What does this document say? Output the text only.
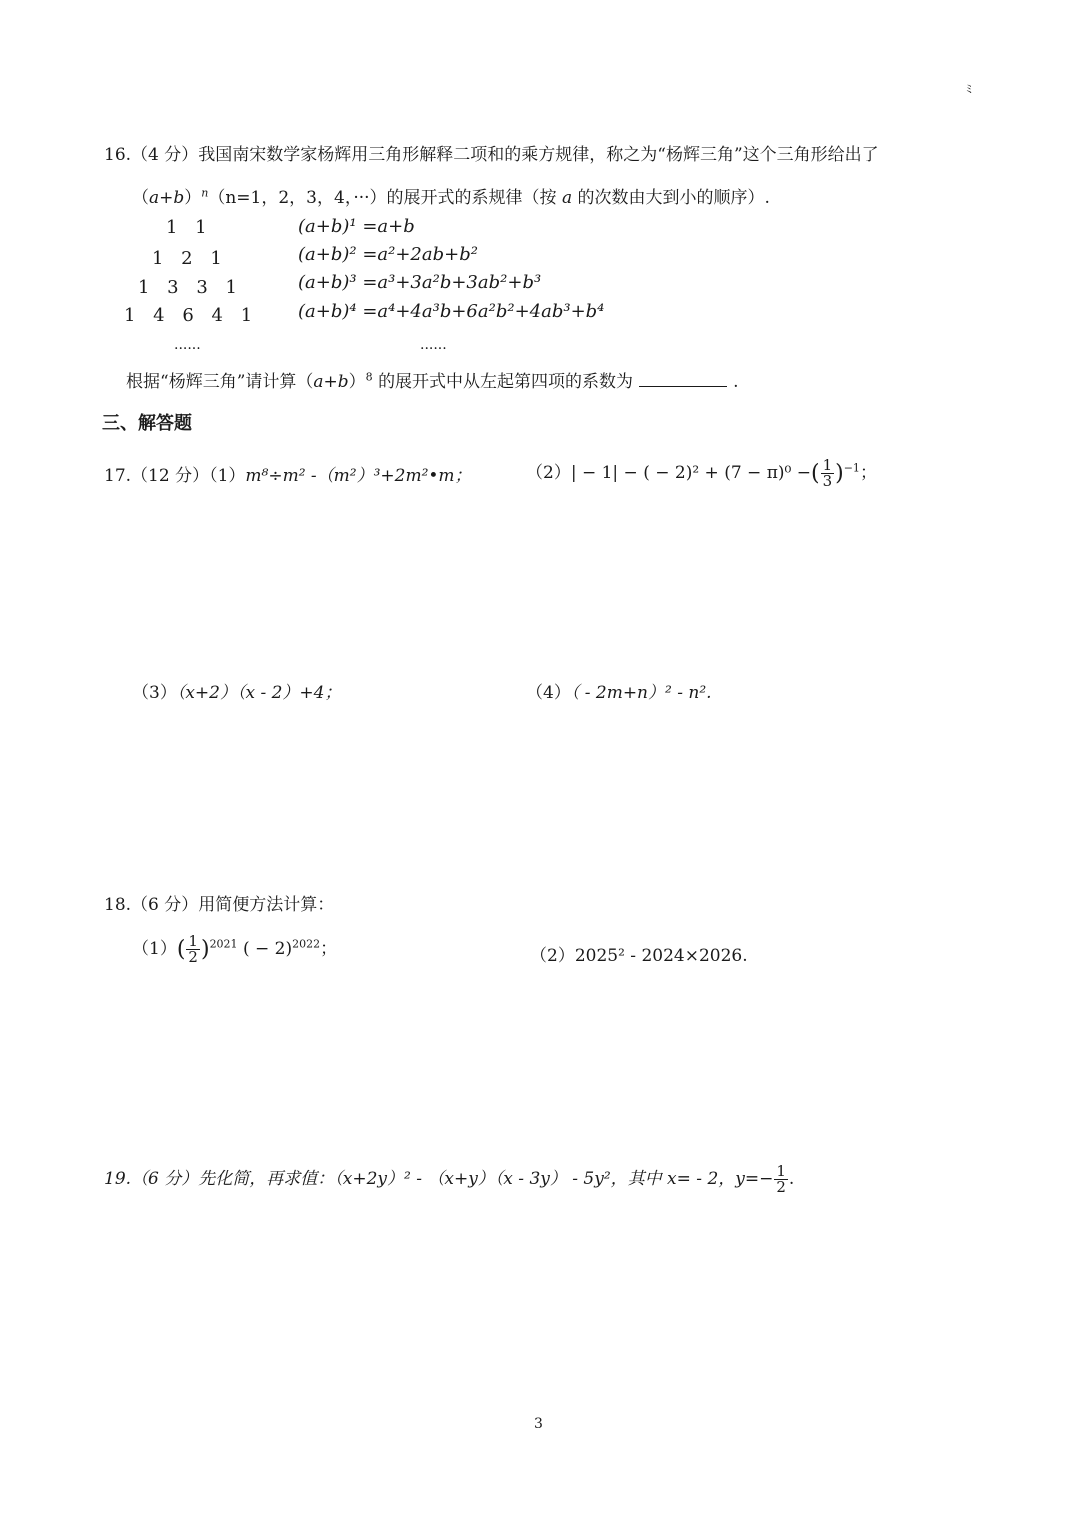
ﾐ
16.（4 分）我国南宋数学家杨辉用三角形解释二项和的乘方规律，称之为“杨辉三角”这个三角形给出了
$(a+b)^n(n=1$，2，3，4，···）的展开式的系规律（按 a 的次数由大到小的顺序）.
1 1
1 2 1
1 3 3 1
1 4 6 4 1
......
(a+b)¹ =a+b
(a+b)² =a²+2ab+b²
(a+b)³ =a³+3a²b+3ab²+b³
(a+b)⁴ =a⁴+4a³b+6a²b²+4ab³+b⁴
......
根据“杨辉三角”请计算$(a+b)^8$ 的展开式中从左起第四项的系数为	.
三、解答题
17.（12 分）（1）m⁸÷m² -（m²）³+2m²•m；	（2）| − 1| − ( − 2)² + (7 − π)⁰ −( $\frac{1}{3} )^{-1}$；
（3）（x+2）（x - 2）+4；	（4）（ - 2m+n）² - n².
18.（6 分）用简便方法计算：
$(1)( \frac{1}{2} )^{2021}$ ( − 2)$^{2022}$；	（2）2025² - 2024×2026.
19.（6 分）先化简，再求值：（x+2y）² - （x+y）（x - 3y） - 5y²，其中 x= - 2，$y=- \frac{1}{2}$ .
3
